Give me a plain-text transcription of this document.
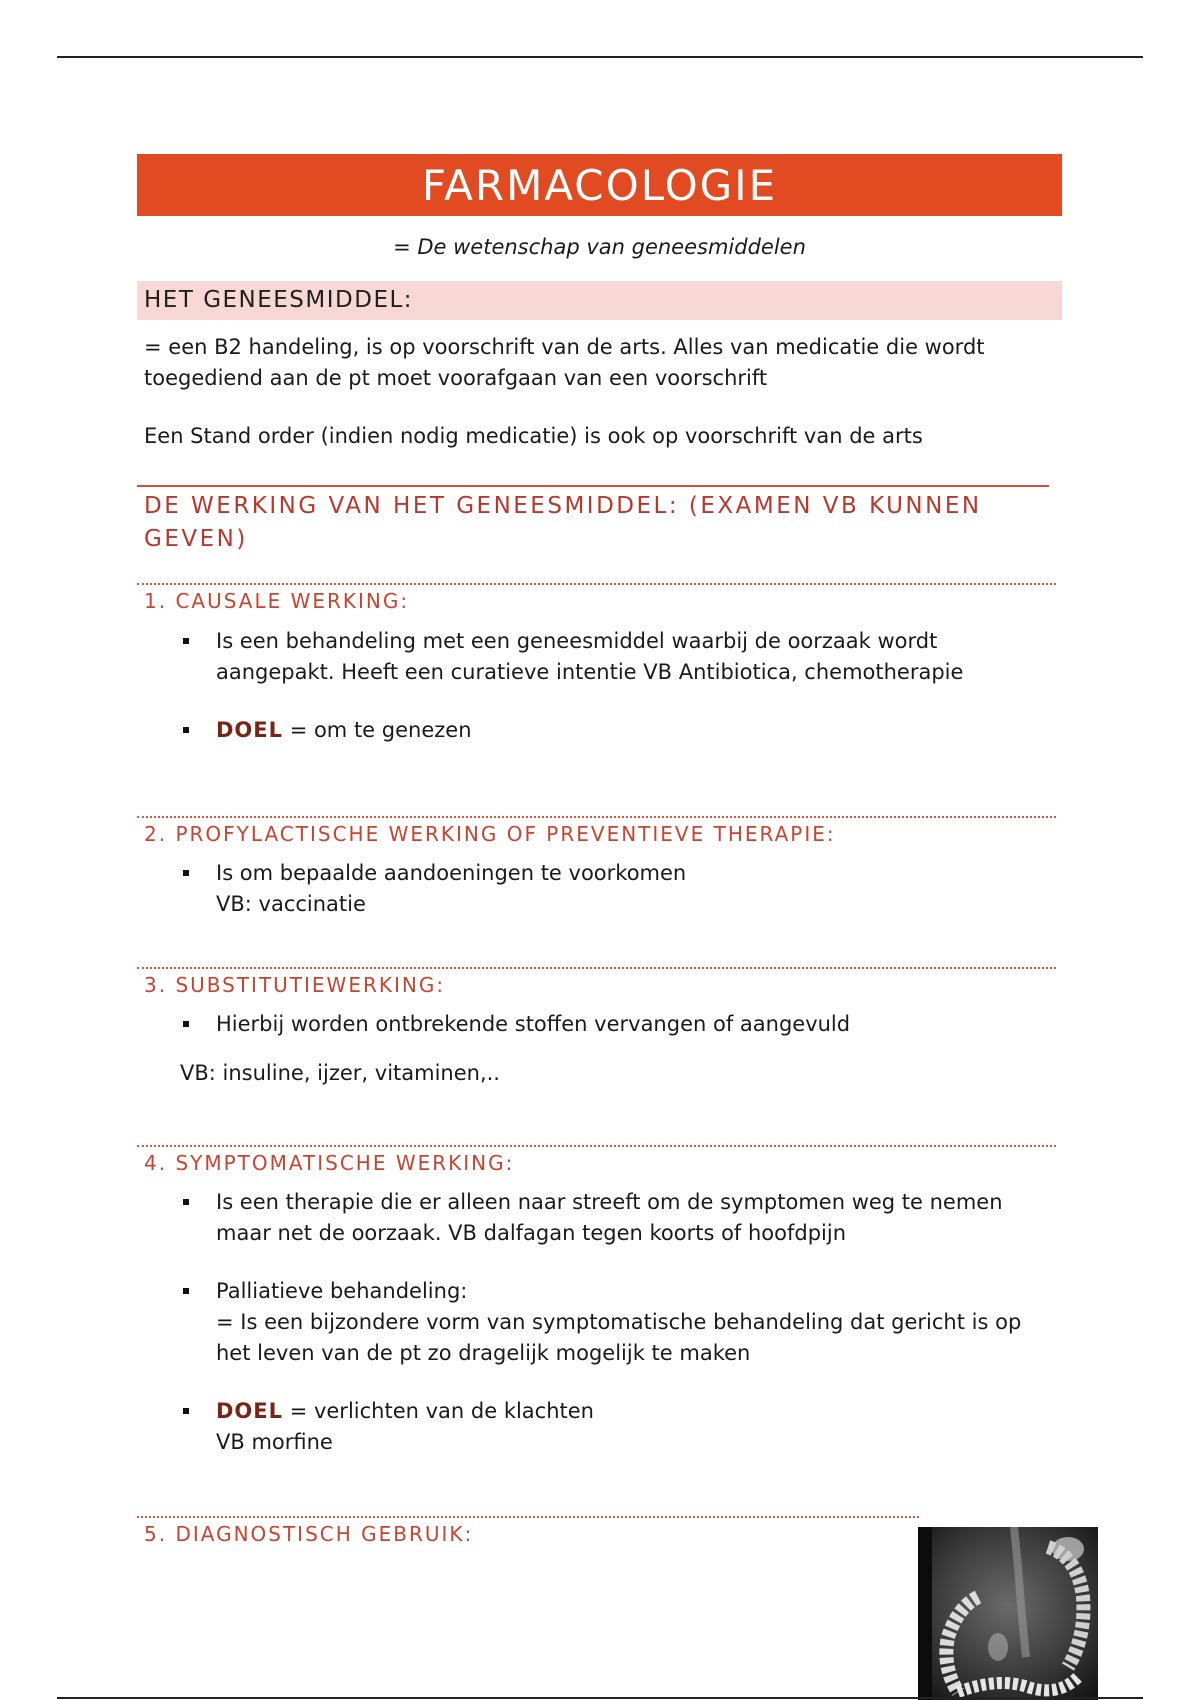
FARMACOLOGIE
= De wetenschap van geneesmiddelen
HET GENEESMIDDEL:
= een B2 handeling, is op voorschrift van de arts. Alles van medicatie die wordt toegediend aan de pt moet voorafgaan van een voorschrift
Een Stand order (indien nodig medicatie) is ook op voorschrift van de arts
DE WERKING VAN HET GENEESMIDDEL: (EXAMEN VB KUNNEN GEVEN)
1. CAUSALE WERKING:
Is een behandeling met een geneesmiddel waarbij de oorzaak wordt aangepakt. Heeft een curatieve intentie VB Antibiotica, chemotherapie
DOEL = om te genezen
2. PROFYLACTISCHE WERKING OF PREVENTIEVE THERAPIE:
Is om bepaalde aandoeningen te voorkomen
VB: vaccinatie
3. SUBSTITUTIEWERKING:
Hierbij worden ontbrekende stoffen vervangen of aangevuld
VB: insuline, ijzer, vitaminen,..
4. SYMPTOMATISCHE WERKING:
Is een therapie die er alleen naar streeft om de symptomen weg te nemen maar net de oorzaak. VB dalfagan tegen koorts of hoofdpijn
Palliatieve behandeling:
= Is een bijzondere vorm van symptomatische behandeling dat gericht is op het leven van de pt zo dragelijk mogelijk te maken
DOEL = verlichten van de klachten
VB morfine
5. DIAGNOSTISCH GEBRUIK:
